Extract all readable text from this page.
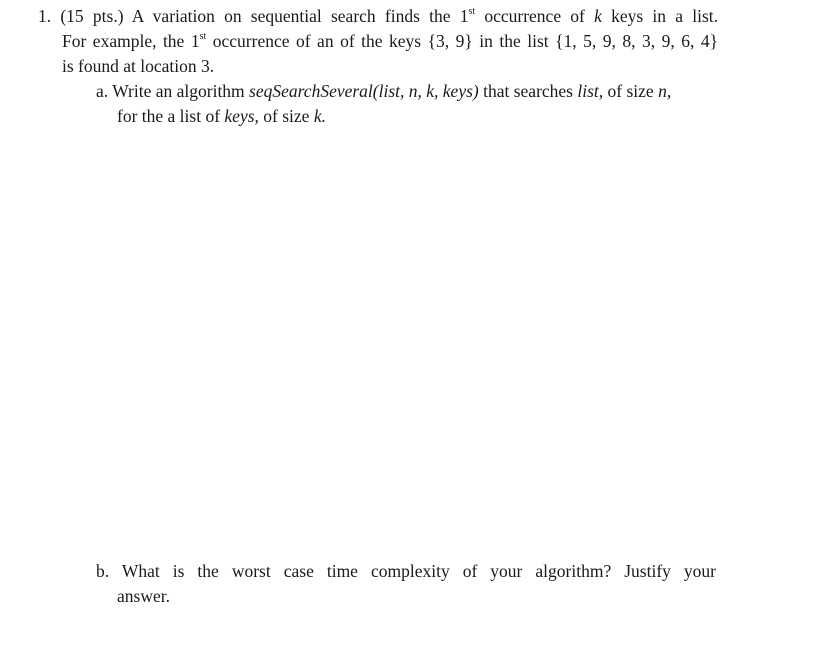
1. (15 pts.) A variation on sequential search finds the 1st occurrence of k keys in a list.
For example, the 1st occurrence of an of the keys {3, 9} in the list {1, 5, 9, 8, 3, 9, 6, 4}
is found at location 3.
a. Write an algorithm seqSearchSeveral(list, n, k, keys) that searches list, of size n,
for the a list of keys, of size k.
b. What is the worst case time complexity of your algorithm? Justify your
answer.
